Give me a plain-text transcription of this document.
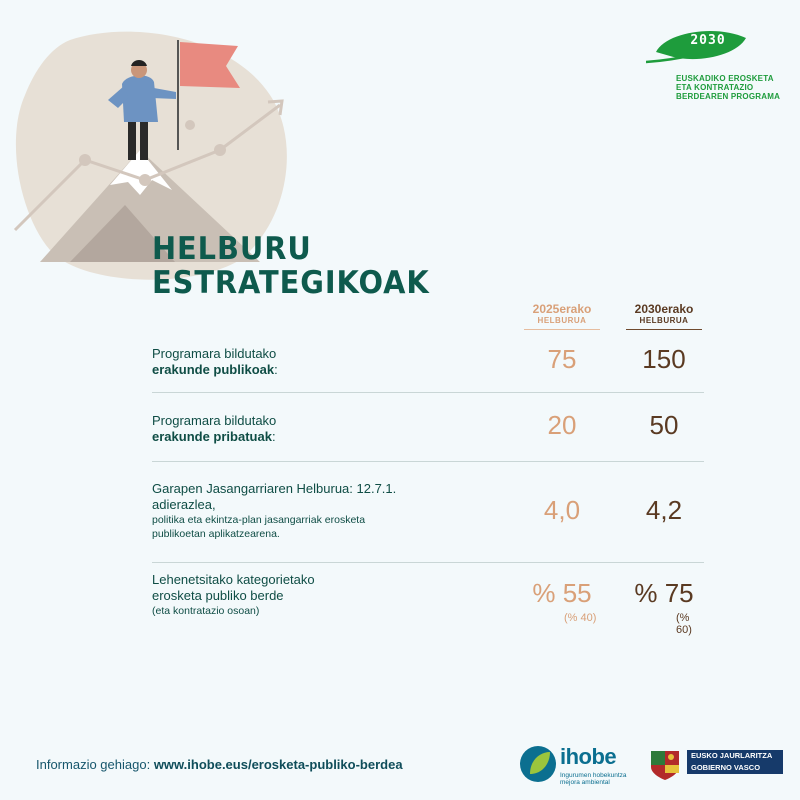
2030
EUSKADIKO EROSKETA
ETA KONTRATAZIO
BERDEAREN PROGRAMA
HELBURU
ESTRATEGIKOAK
2025erako
HELBURUA
2030erako
HELBURUA
Programara bildutako
erakunde publikoak:	75	150
Programara bildutako
erakunde pribatuak:	20	50
Garapen Jasangarriaren Helburua: 12.7.1.
adierazlea,
politika eta ekintza-plan jasangarriak erosketa
publikoetan aplikatzearena.
4,0	4,2
Lehenetsitako kategorietako
erosketa publiko berde
(eta kontratazio osoan)
% 55	% 75
(% 40)	(% 60)
Informazio gehiago: www.ihobe.eus/erosketa-publiko-berdea	ihobe
Ingurumen hobekuntza
mejora ambiental
EUSKO JAURLARITZA
GOBIERNO VASCO
